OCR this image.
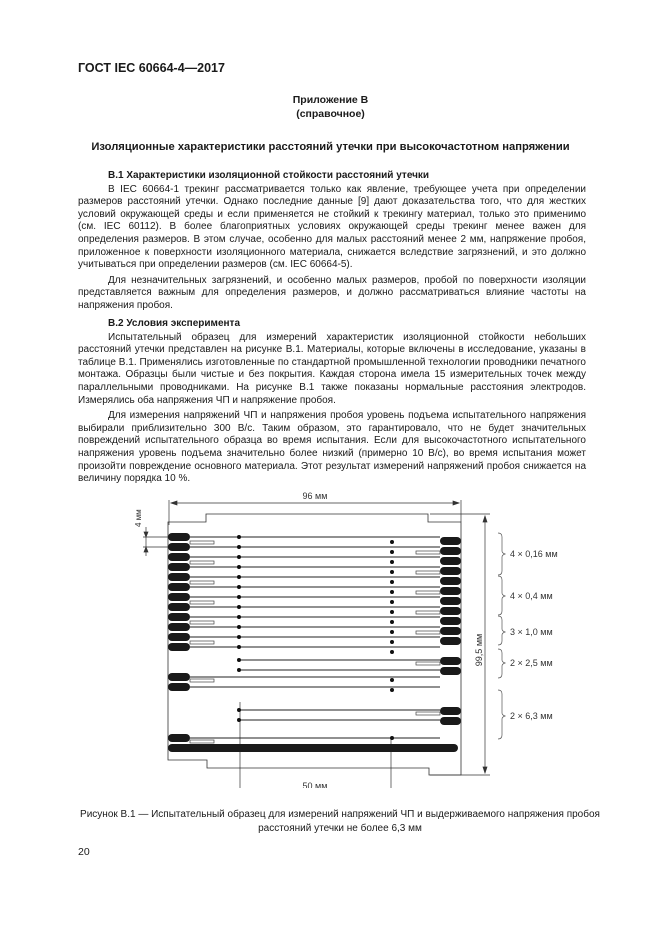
ГОСТ IEC 60664-4—2017
Приложение B
(справочное)
Изоляционные характеристики расстояний утечки при высокочастотном напряжении
B.1 Характеристики изоляционной стойкости расстояний утечки

В IEC 60664-1 трекинг рассматривается только как явление, требующее учета при определении размеров расстояний утечки. Однако последние данные [9] дают доказательства того, что для жестких условий окружающей среды и если применяется не стойкий к трекингу материал, только это применимо (см. IEC 60112). В более благоприятных условиях окружающей среды трекинг менее важен для определения размеров. В этом случае, особенно для малых расстояний менее 2 мм, напряжение пробоя, приложенное к поверхности изоляционного материала, снижается вследствие загрязнений, и это должно учитываться при определении размеров (см. IEC 60664-5).

Для незначительных загрязнений, и особенно малых размеров, пробой по поверхности изоляции представляется важным для определения размеров, и должно рассматриваться влияние частоты на напряжения пробоя.

B.2 Условия эксперимента

Испытательный образец для измерений характеристик изоляционной стойкости небольших расстояний утечки представлен на рисунке B.1. Материалы, которые включены в исследование, указаны в таблице B.1. Применялись изготовленные по стандартной промышленной технологии проводники печатного монтажа. Образцы были чистые и без покрытия. Каждая сторона имела 15 измерительных точек между параллельными проводниками. На рисунке B.1 также показаны нормальные расстояния электродов. Измерялись оба напряжения ЧП и напряжение пробоя.

Для измерения напряжений ЧП и напряжения пробоя уровень подъема испытательного напряжения выбирали приблизительно 300 В/с. Таким образом, это гарантировало, что не будет значительных повреждений испытательного образца во время испытания. Если для высокочастотного испытательного напряжения уровень подъема значительно более низкий (примерно 10 В/с), во время испытания может произойти повреждение основного материала. Этот результат измерений напряжений пробоя снижается на величину порядка 10 %.

96 мм
4 мм
99,5 мм
50 мм
4 × 0,16 мм
4 × 0,4 мм
3 × 1,0 мм
2 × 2,5 мм
2 × 6,3 мм
Рисунок B.1 — Испытательный образец для измерений напряжений ЧП и выдерживаемого напряжения пробоя расстояний утечки не более 6,3 мм
20
